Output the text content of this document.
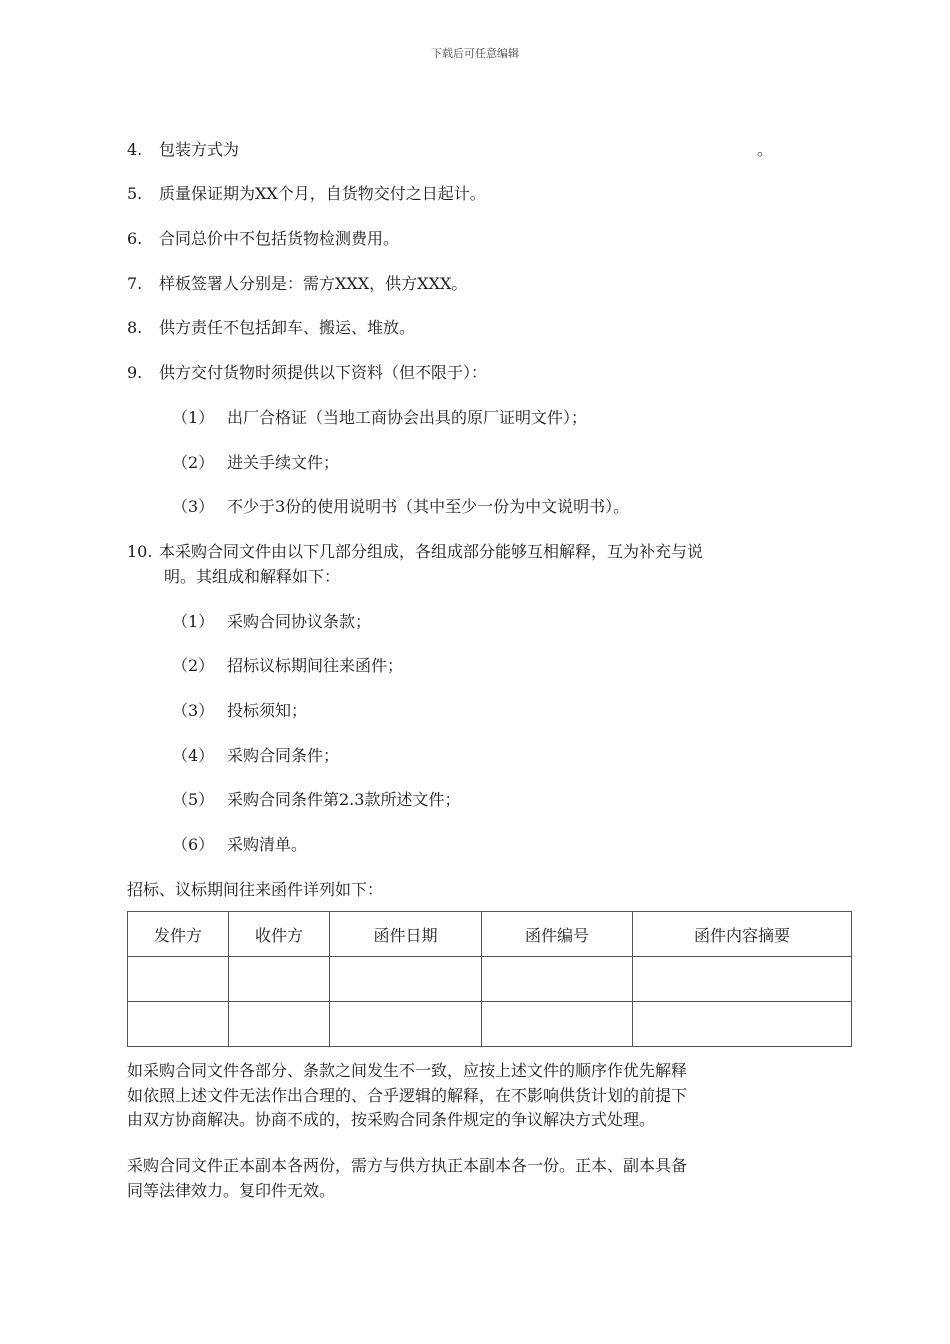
下载后可任意编辑
4. 包装方式为	。
5. 质量保证期为XX个月，自货物交付之日起计。
6. 合同总价中不包括货物检测费用。
7. 样板签署人分别是：需方XXX，供方XXX。
8. 供方责任不包括卸车、搬运、堆放。
9. 供方交付货物时须提供以下资料（但不限于）：
（1） 出厂合格证（当地工商协会出具的原厂证明文件）；
（2） 进关手续文件；
（3） 不少于3份的使用说明书（其中至少一份为中文说明书）。
10. 本采购合同文件由以下几部分组成，各组成部分能够互相解释，互为补充与说
明。其组成和解释如下：
（1） 采购合同协议条款；
（2） 招标议标期间往来函件；
（3） 投标须知；
（4） 采购合同条件；
（5） 采购合同条件第2.3款所述文件；
（6） 采购清单。
招标、议标期间往来函件详列如下：
发件方	收件方	函件日期	函件编号	函件内容摘要

如采购合同文件各部分、条款之间发生不一致，应按上述文件的顺序作优先解释
如依照上述文件无法作出合理的、合乎逻辑的解释，在不影响供货计划的前提下
由双方协商解决。协商不成的，按采购合同条件规定的争议解决方式处理。
采购合同文件正本副本各两份，需方与供方执正本副本各一份。正本、副本具备
同等法律效力。复印件无效。
